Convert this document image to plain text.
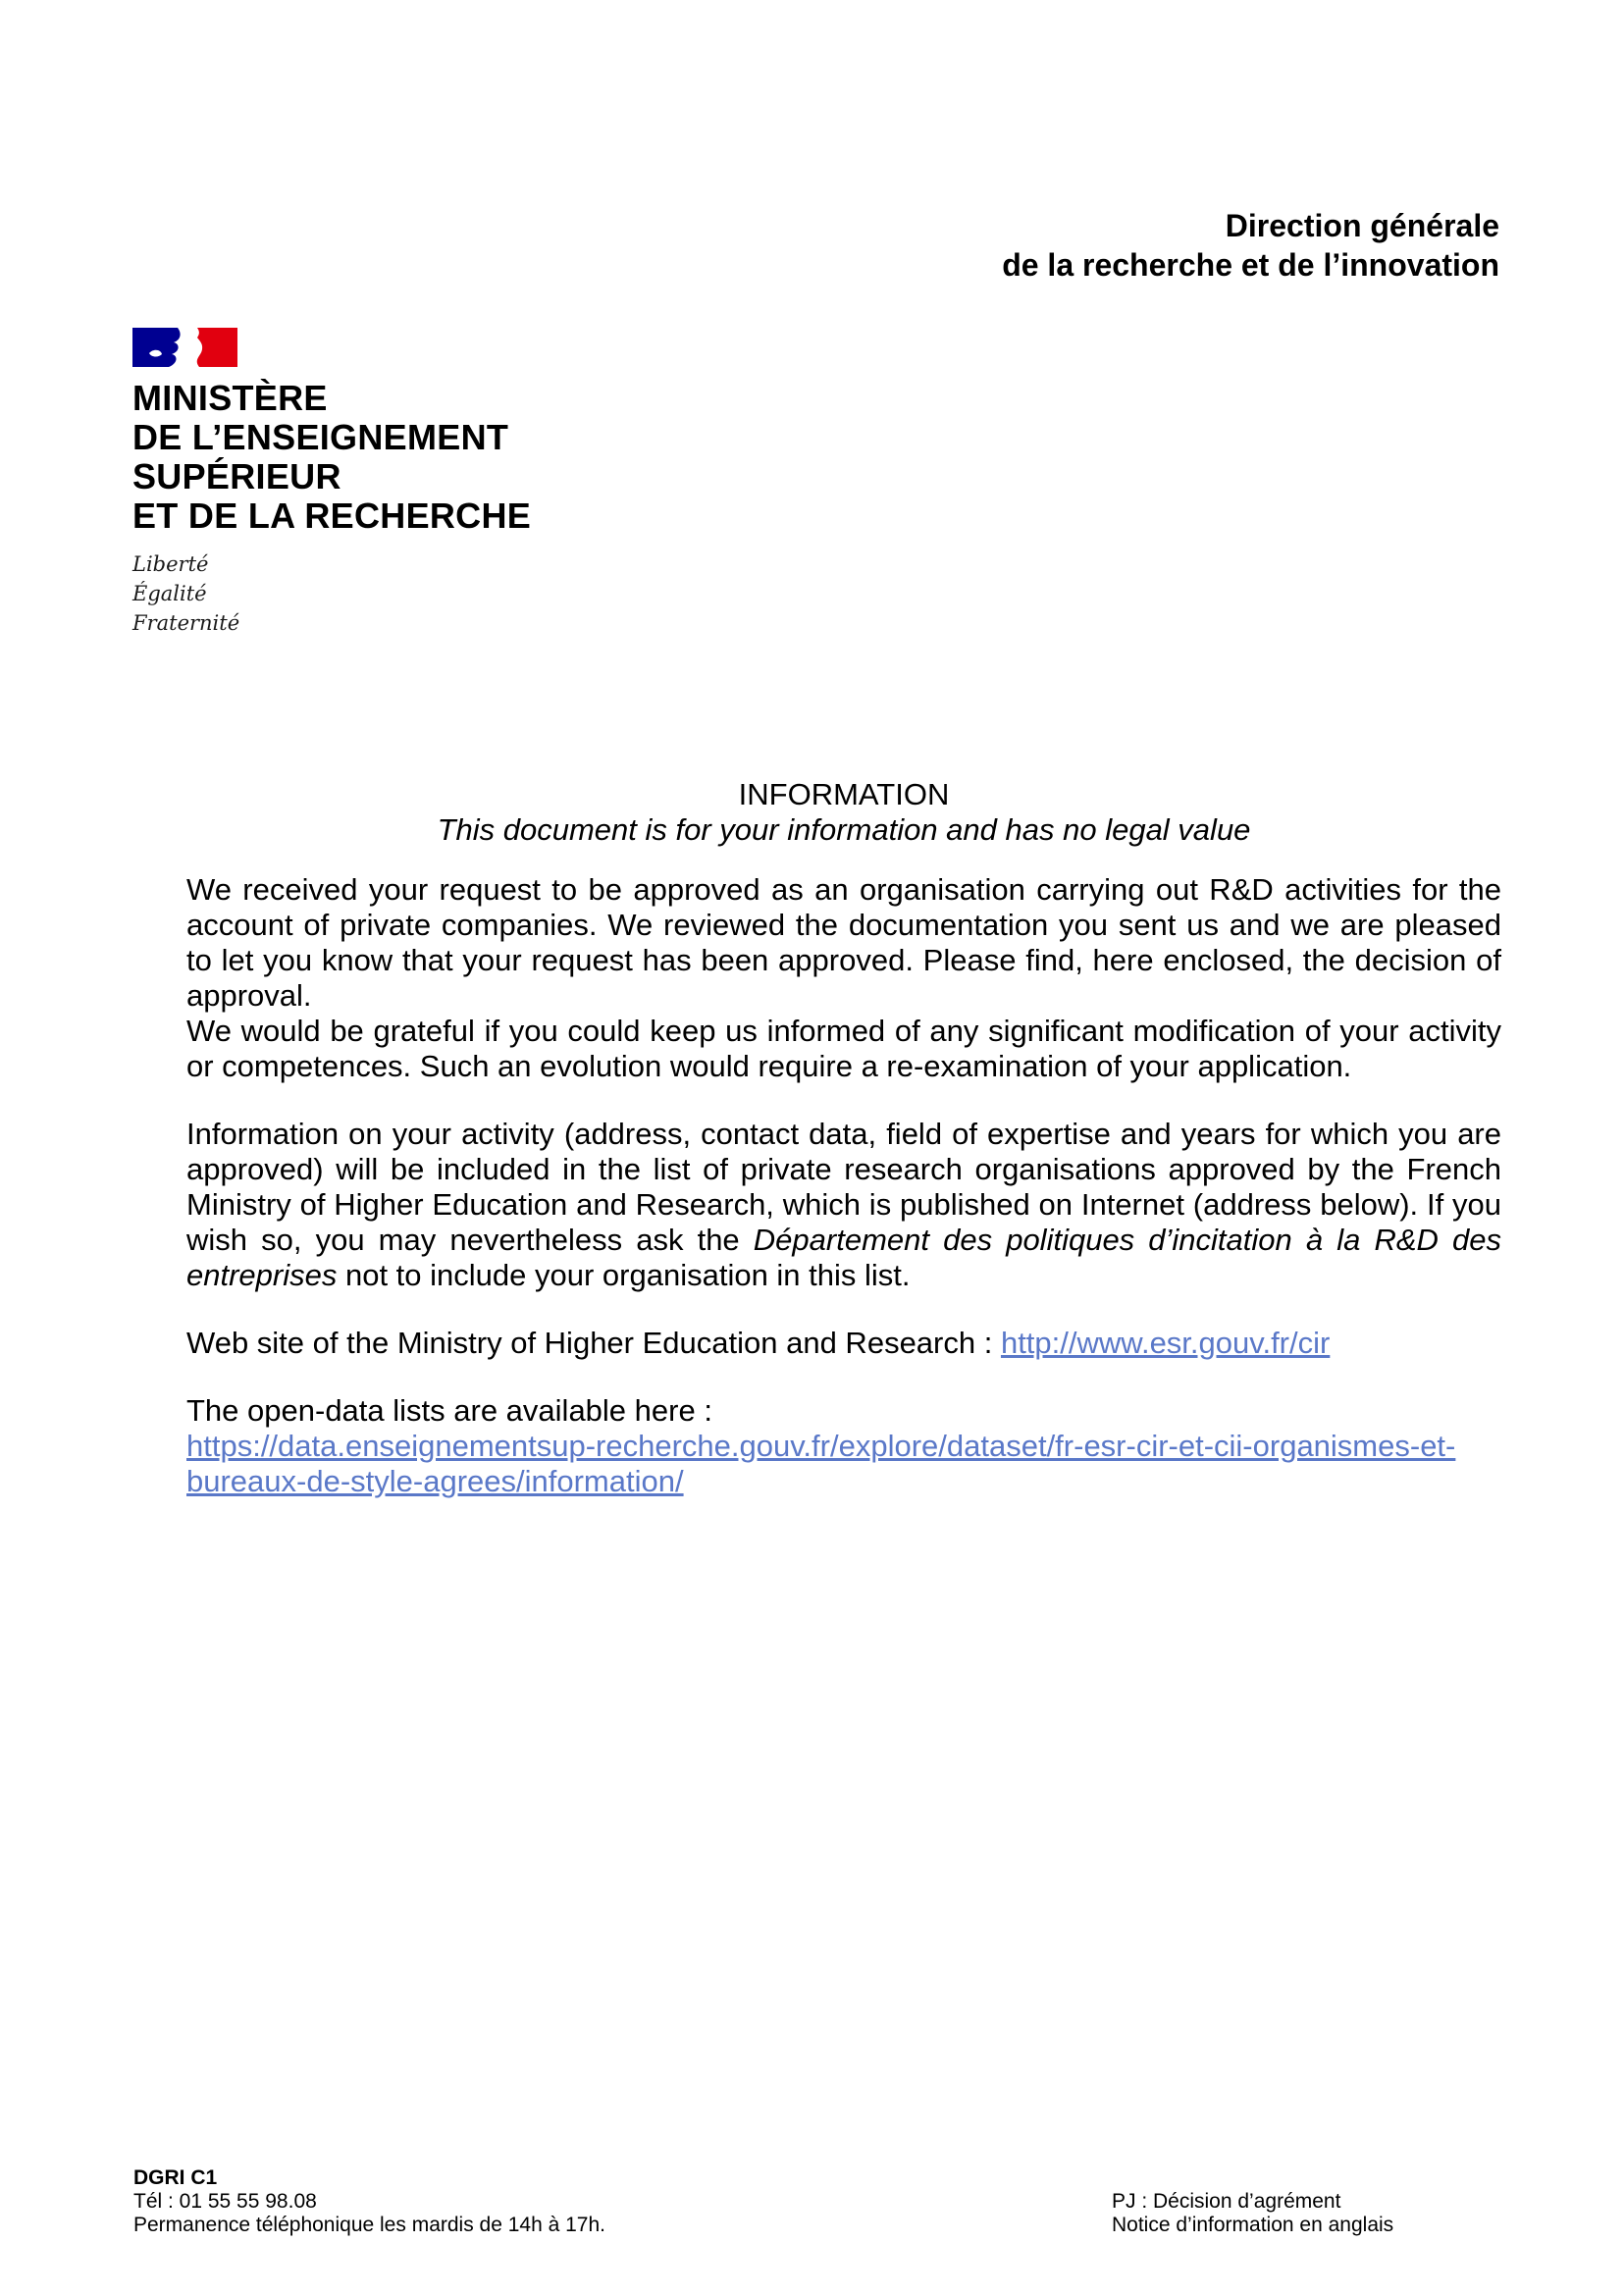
Direction générale
de la recherche et de l’innovation
MINISTÈRE
DE L’ENSEIGNEMENT
SUPÉRIEUR
ET DE LA RECHERCHE
Liberté
Égalité
Fraternité
INFORMATION
This document is for your information and has no legal value

We received your request to be approved as an organisation carrying out R&D activities for the account of private companies. We reviewed the documentation you sent us and we are pleased to let you know that your request has been approved. Please find, here enclosed, the decision of approval.

We would be grateful if you could keep us informed of any significant modification of your activity or competences. Such an evolution would require a re-examination of your application.

Information on your activity (address, contact data, field of expertise and years for which you are approved) will be included in the list of private research organisations approved by the French Ministry of Higher Education and Research, which is published on Internet (address below). If you wish so, you may nevertheless ask the Département des politiques d’incitation à la R&D des entreprises not to include your organisation in this list.

Web site of the Ministry of Higher Education and Research : http://www.esr.gouv.fr/cir

The open-data lists are available here :
https://data.enseignementsup-recherche.gouv.fr/explore/dataset/fr-esr-cir-et-cii-organismes-et-bureaux-de-style-agrees/information/

DGRI C1
Tél : 01 55 55 98.08
Permanence téléphonique les mardis de 14h à 17h.
PJ : Décision d’agrément
Notice d’information en anglais
